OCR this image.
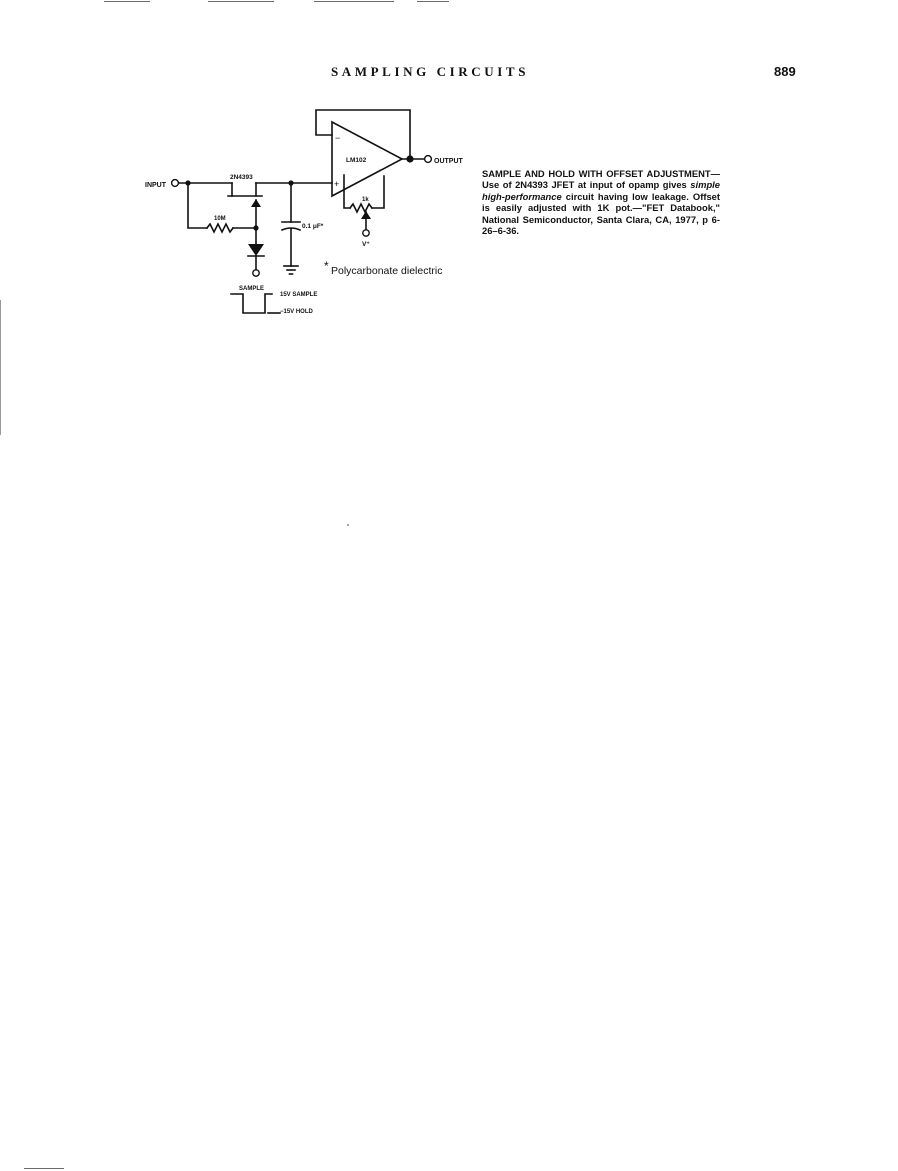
SAMPLING CIRCUITS	889
INPUT
OUTPUT
LM102
2N4393
10M
1k
0.1 μF*
V⁺
SAMPLE
15V SAMPLE
−15V HOLD
−
+
* Polycarbonate dielectric
SAMPLE AND HOLD WITH OFFSET ADJUSTMENT—Use of 2N4393 JFET at input of opamp gives simple high-performance circuit having low leakage. Offset is easily adjusted with 1K pot.—"FET Databook," National Semiconductor, Santa Clara, CA, 1977, p 6-26–6-36.
